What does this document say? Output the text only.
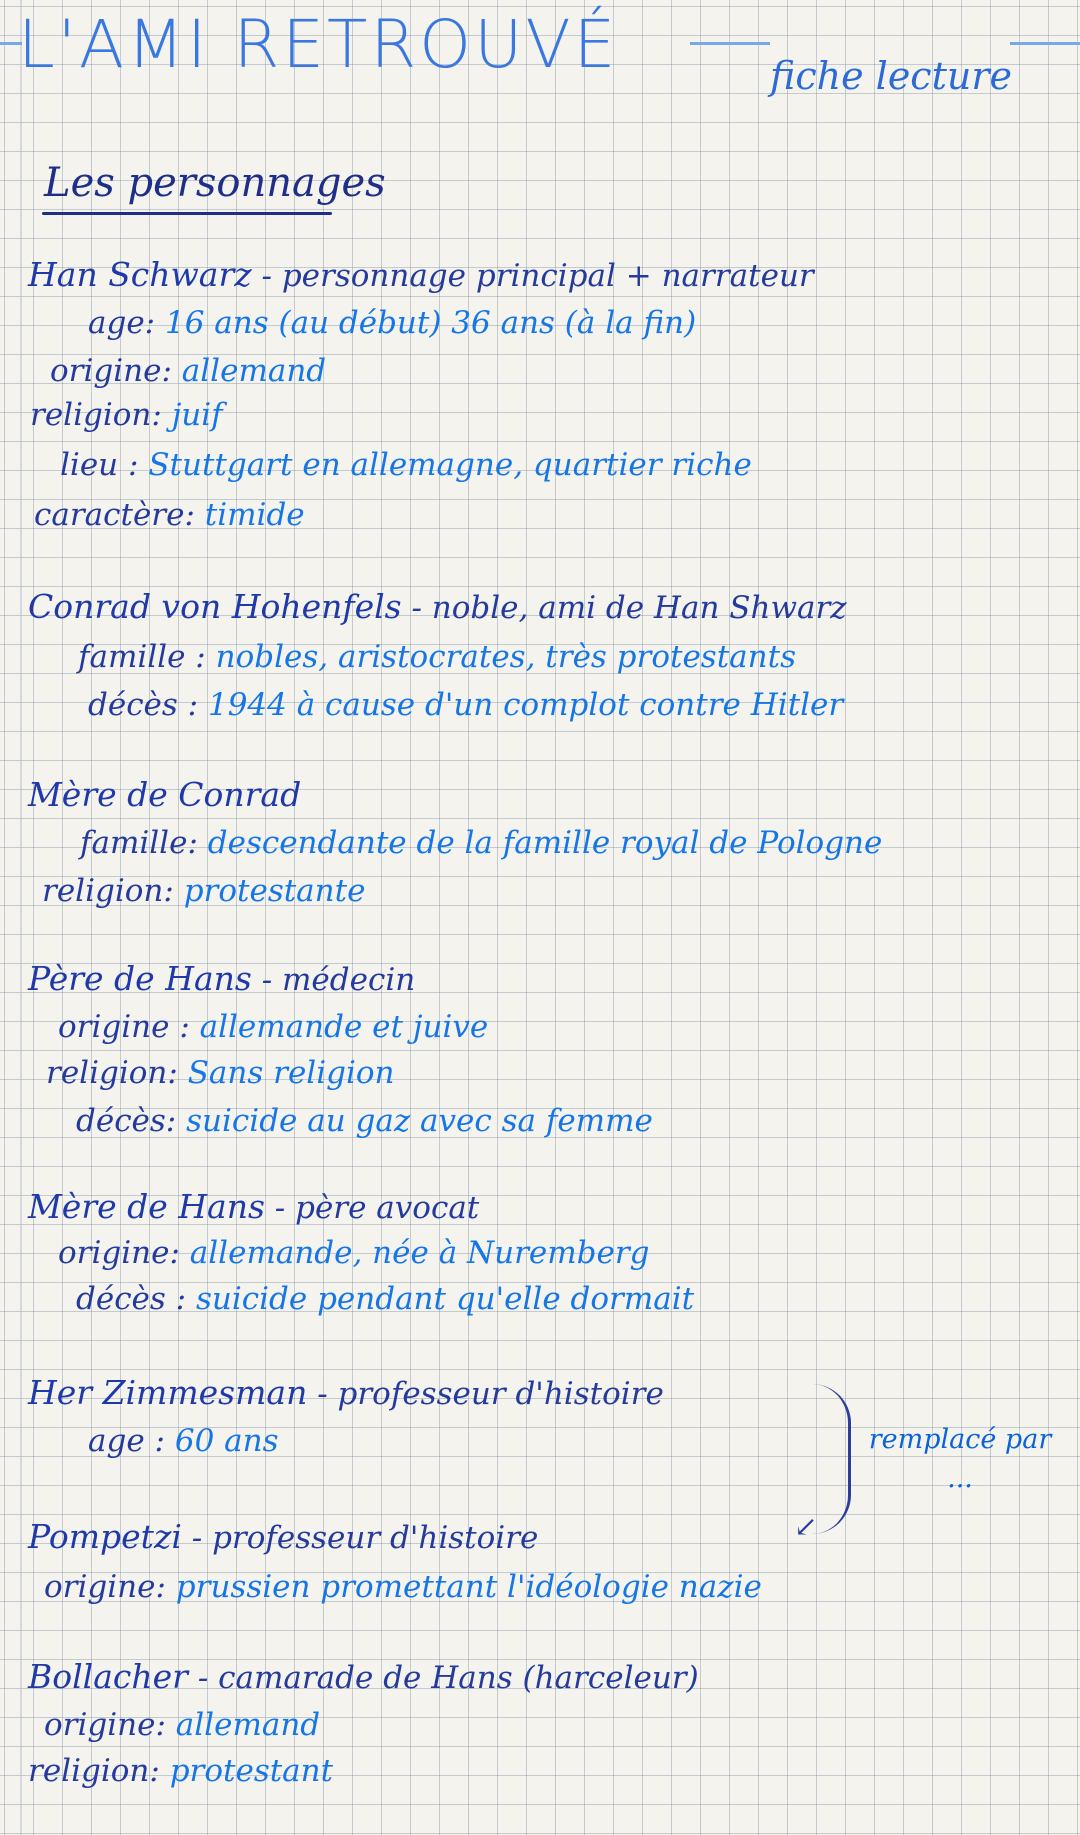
L'AMI RETROUVÉ	fiche lecture
Les personnages
Han Schwarz - personnage principal + narrateur
age: 16 ans (au début) 36 ans (à la fin)
origine: allemand
religion: juif
lieu : Stuttgart en allemagne, quartier riche
caractère: timide
Conrad von Hohenfels - noble, ami de Han Shwarz
famille : nobles, aristocrates, très protestants
décès : 1944 à cause d'un complot contre Hitler
Mère de Conrad
famille: descendante de la famille royal de Pologne
religion: protestante
Père de Hans - médecin
origine : allemande et juive
religion: Sans religion
décès: suicide au gaz avec sa femme
Mère de Hans - père avocat
origine: allemande, née à Nuremberg
décès : suicide pendant qu'elle dormait
Her Zimmesman - professeur d'histoire
age : 60 ans
↙
remplacé par ...
Pompetzi - professeur d'histoire
origine: prussien promettant l'idéologie nazie
Bollacher - camarade de Hans (harceleur)
origine: allemand
religion: protestant
